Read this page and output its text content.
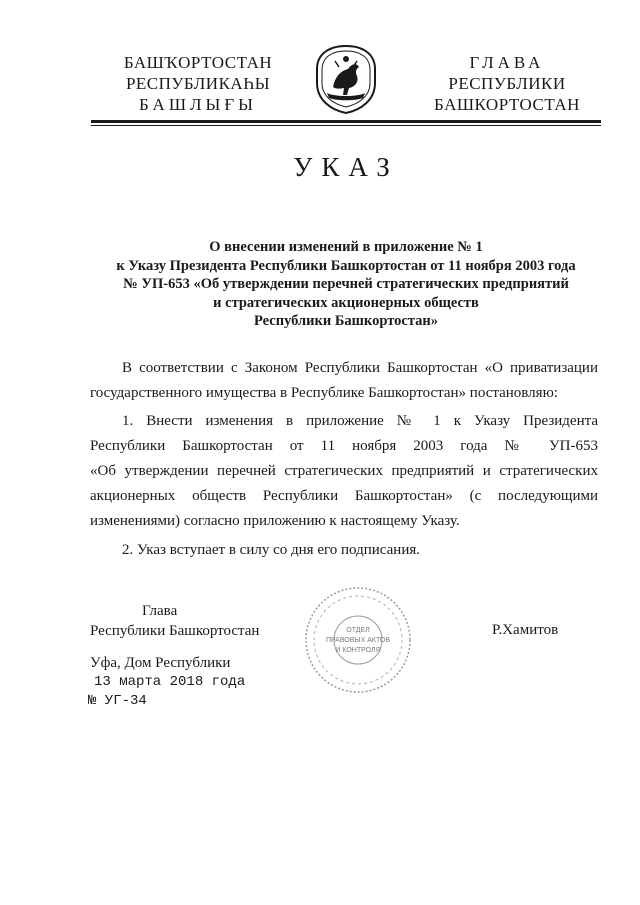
БАШҠОРТОСТАН
РЕСПУБЛИКАҺЫ
БАШЛЫҒЫ
ГЛАВА
РЕСПУБЛИКИ
БАШКОРТОСТАН
УКАЗ
О внесении изменений в приложение № 1
к Указу Президента Республики Башкортостан от 11 ноября 2003 года
№ УП-653 «Об утверждении перечней стратегических предприятий
и стратегических акционерных обществ
Республики Башкортостан»
В соответствии с Законом Республики Башкортостан «О приватизации
государственного имущества в Республике Башкортостан» постановляю:
1. Внести изменения в приложение № 1 к Указу Президента
Республики Башкортостан от 11 ноября 2003 года № УП-653
«Об утверждении перечней стратегических предприятий и стратегических
акционерных обществ Республики Башкортостан» (с последующими
изменениями) согласно приложению к настоящему Указу.
2. Указ вступает в силу со дня его подписания.
Глава
Республики Башкортостан	ОТДЕЛ
ПРАВОВЫХ АКТОВ
И КОНТРОЛЯ
Р.Хамитов
Уфа, Дом Республики
13 марта 2018 года
№ УГ-34
